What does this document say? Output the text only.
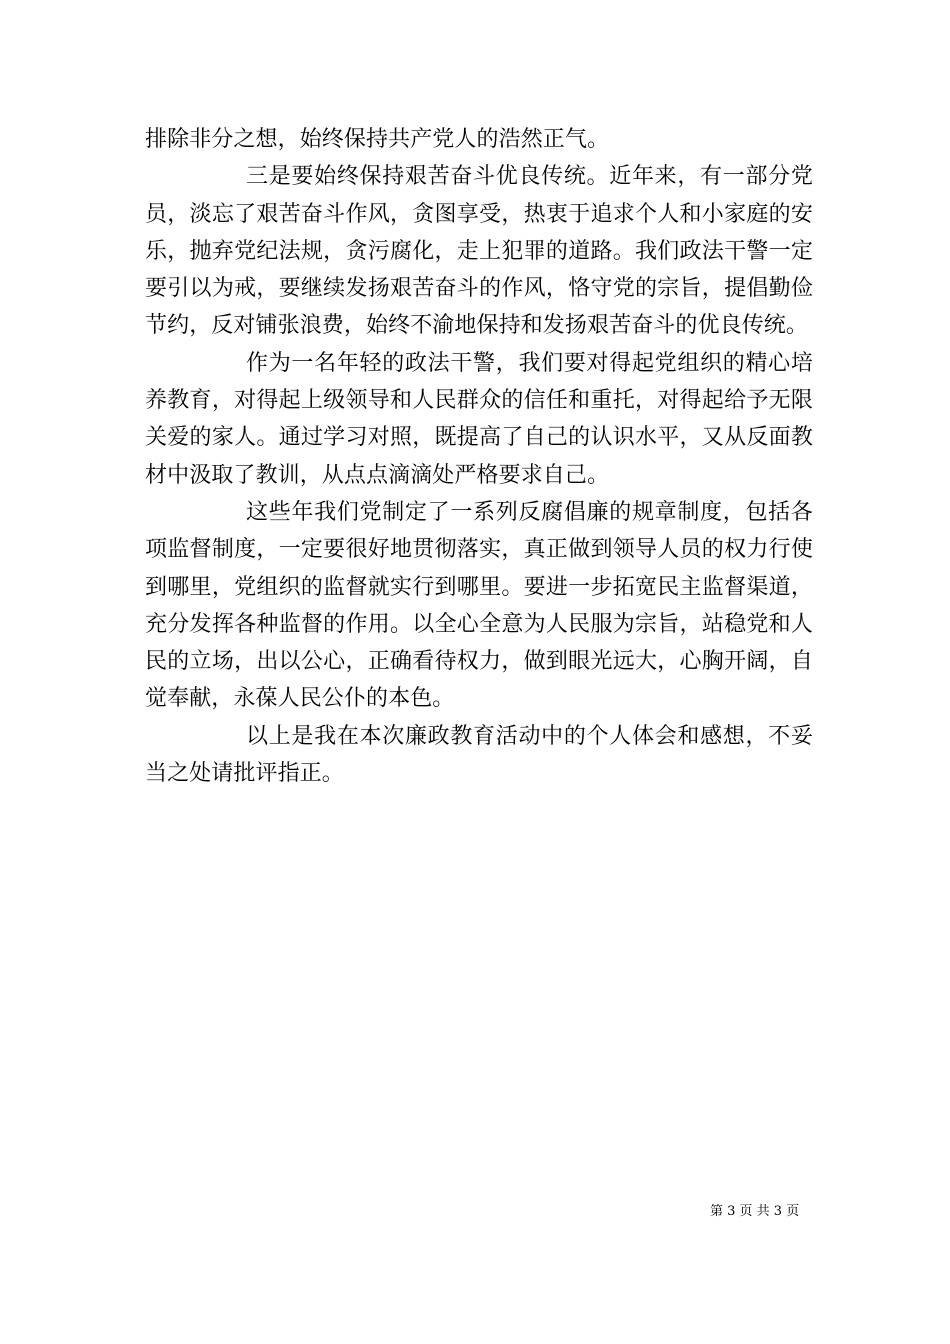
排除非分之想，始终保持共产党人的浩然正气。

三是要始终保持艰苦奋斗优良传统。近年来，有一部分党员，淡忘了艰苦奋斗作风，贪图享受，热衷于追求个人和小家庭的安乐，抛弃党纪法规，贪污腐化，走上犯罪的道路。我们政法干警一定要引以为戒，要继续发扬艰苦奋斗的作风，恪守党的宗旨，提倡勤俭节约，反对铺张浪费，始终不渝地保持和发扬艰苦奋斗的优良传统。

作为一名年轻的政法干警，我们要对得起党组织的精心培养教育，对得起上级领导和人民群众的信任和重托，对得起给予无限关爱的家人。通过学习对照，既提高了自己的认识水平，又从反面教材中汲取了教训，从点点滴滴处严格要求自己。

这些年我们党制定了一系列反腐倡廉的规章制度，包括各项监督制度，一定要很好地贯彻落实，真正做到领导人员的权力行使到哪里，党组织的监督就实行到哪里。要进一步拓宽民主监督渠道，充分发挥各种监督的作用。以全心全意为人民服为宗旨，站稳党和人民的立场，出以公心，正确看待权力，做到眼光远大，心胸开阔，自觉奉献，永葆人民公仆的本色。

以上是我在本次廉政教育活动中的个人体会和感想，不妥当之处请批评指正。

第 3 页 共 3 页
